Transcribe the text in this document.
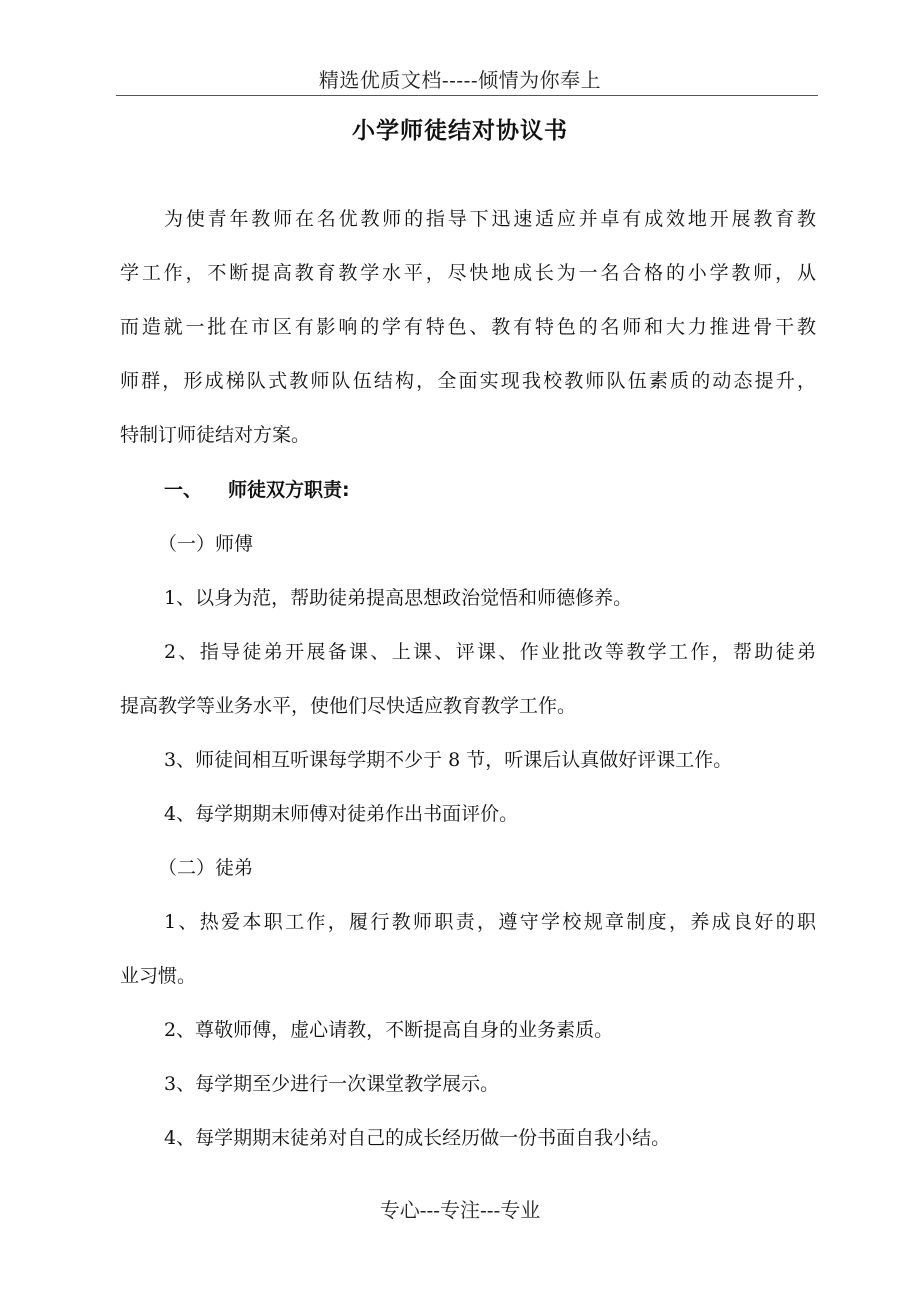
精选优质文档-----倾情为你奉上
小学师徒结对协议书
为使青年教师在名优教师的指导下迅速适应并卓有成效地开展教育教
学工作，不断提高教育教学水平，尽快地成长为一名合格的小学教师，从
而造就一批在市区有影响的学有特色、教有特色的名师和大力推进骨干教
师群，形成梯队式教师队伍结构，全面实现我校教师队伍素质的动态提升，
特制订师徒结对方案。
一、 师徒双方职责:
（一）师傅
1、以身为范，帮助徒弟提高思想政治觉悟和师德修养。
2、指导徒弟开展备课、上课、评课、作业批改等教学工作，帮助徒弟
提高教学等业务水平，使他们尽快适应教育教学工作。
3、师徒间相互听课每学期不少于 8 节，听课后认真做好评课工作。
4、每学期期末师傅对徒弟作出书面评价。
（二）徒弟
1、热爱本职工作，履行教师职责，遵守学校规章制度，养成良好的职
业习惯。
2、尊敬师傅，虚心请教，不断提高自身的业务素质。
3、每学期至少进行一次课堂教学展示。
4、每学期期末徒弟对自己的成长经历做一份书面自我小结。
专心---专注---专业
